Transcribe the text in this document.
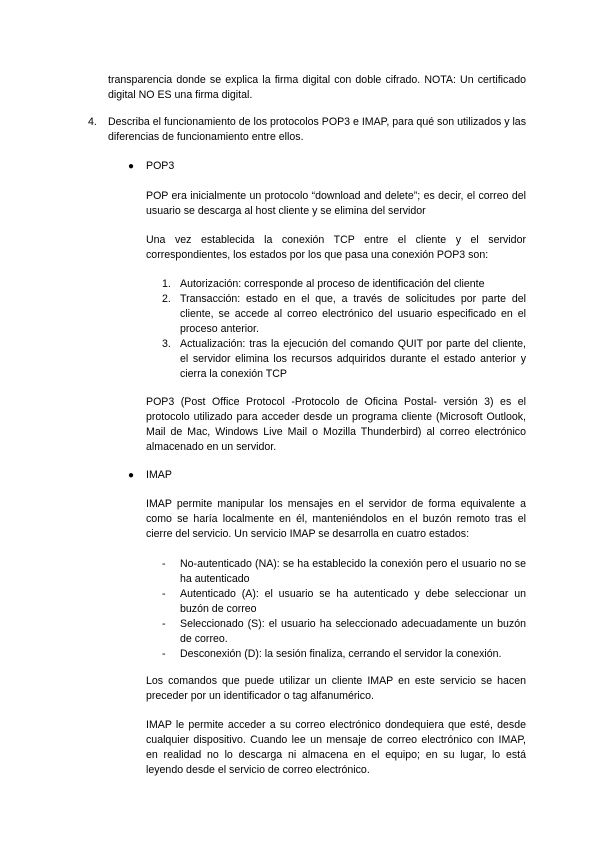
transparencia donde se explica la firma digital con doble cifrado. NOTA: Un certificado digital NO ES una firma digital.

4. Describa el funcionamiento de los protocolos POP3 e IMAP, para qué son utilizados y las diferencias de funcionamiento entre ellos.

● POP3

POP era inicialmente un protocolo “download and delete”; es decir, el correo del usuario se descarga al host cliente y se elimina del servidor

Una vez establecida la conexión TCP entre el cliente y el servidor correspondientes, los estados por los que pasa una conexión POP3 son:

1. Autorización: corresponde al proceso de identificación del cliente
2. Transacción: estado en el que, a través de solicitudes por parte del cliente, se accede al correo electrónico del usuario especificado en el proceso anterior.
3. Actualización: tras la ejecución del comando QUIT por parte del cliente, el servidor elimina los recursos adquiridos durante el estado anterior y cierra la conexión TCP

POP3 (Post Office Protocol -Protocolo de Oficina Postal- versión 3) es el protocolo utilizado para acceder desde un programa cliente (Microsoft Outlook, Mail de Mac, Windows Live Mail o Mozilla Thunderbird) al correo electrónico almacenado en un servidor.

● IMAP

IMAP permite manipular los mensajes en el servidor de forma equivalente a como se haría localmente en él, manteniéndolos en el buzón remoto tras el cierre del servicio. Un servicio IMAP se desarrolla en cuatro estados:

- No-autenticado (NA): se ha establecido la conexión pero el usuario no se ha autenticado
- Autenticado (A): el usuario se ha autenticado y debe seleccionar un buzón de correo
- Seleccionado (S): el usuario ha seleccionado adecuadamente un buzón de correo.
- Desconexión (D): la sesión finaliza, cerrando el servidor la conexión.

Los comandos que puede utilizar un cliente IMAP en este servicio se hacen preceder por un identificador o tag alfanumérico.

IMAP le permite acceder a su correo electrónico dondequiera que esté, desde cualquier dispositivo. Cuando lee un mensaje de correo electrónico con IMAP, en realidad no lo descarga ni almacena en el equipo; en su lugar, lo está leyendo desde el servicio de correo electrónico.
